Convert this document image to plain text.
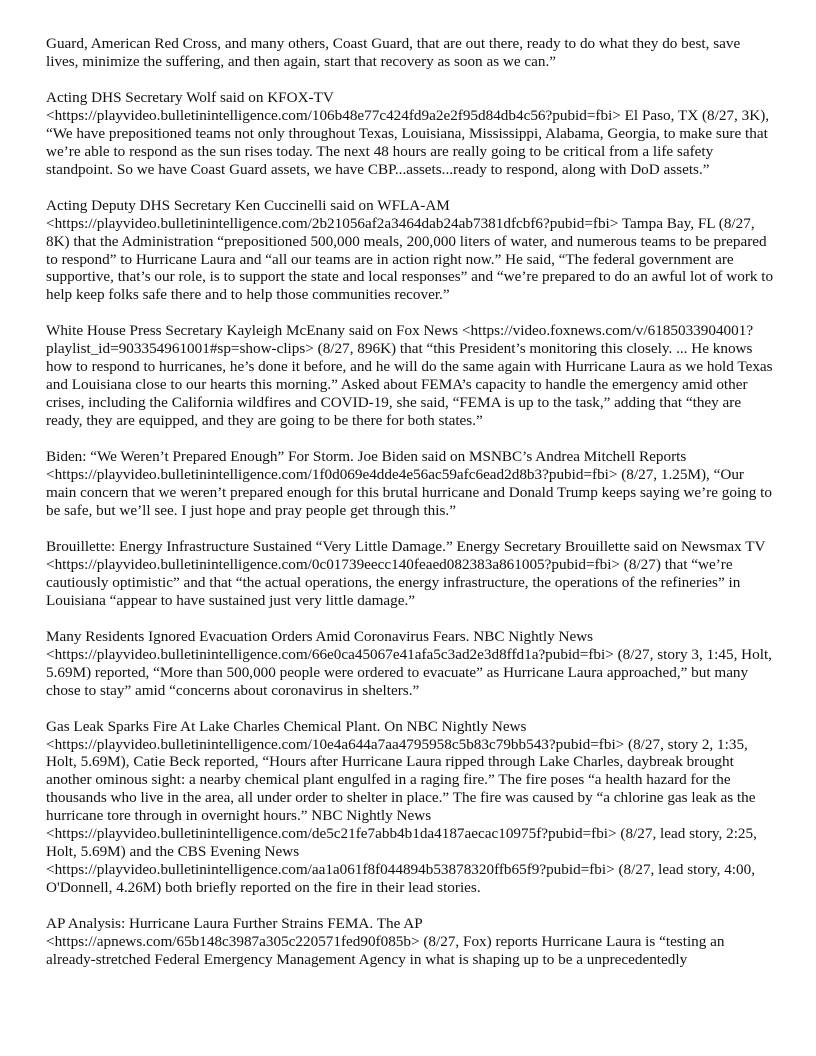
Guard, American Red Cross, and many others, Coast Guard, that are out there, ready to do what they do best, save lives, minimize the suffering, and then again, start that recovery as soon as we can.”

Acting DHS Secretary Wolf said on KFOX-TV <https://playvideo.bulletinintelligence.com/106b48e77c424fd9a2e2f95d84db4c56?pubid=fbi> El Paso, TX (8/27, 3K), “We have prepositioned teams not only throughout Texas, Louisiana, Mississippi, Alabama, Georgia, to make sure that we’re able to respond as the sun rises today. The next 48 hours are really going to be critical from a life safety standpoint. So we have Coast Guard assets, we have CBP...assets...ready to respond, along with DoD assets.”

Acting Deputy DHS Secretary Ken Cuccinelli said on WFLA-AM <https://playvideo.bulletinintelligence.com/2b21056af2a3464dab24ab7381dfcbf6?pubid=fbi> Tampa Bay, FL (8/27, 8K) that the Administration “prepositioned 500,000 meals, 200,000 liters of water, and numerous teams to be prepared to respond” to Hurricane Laura and “all our teams are in action right now.” He said, “The federal government are supportive, that’s our role, is to support the state and local responses” and “we’re prepared to do an awful lot of work to help keep folks safe there and to help those communities recover.”

White House Press Secretary Kayleigh McEnany said on Fox News <https://video.foxnews.com/v/6185033904001?playlist_id=903354961001#sp=show-clips> (8/27, 896K) that “this President’s monitoring this closely. ... He knows how to respond to hurricanes, he’s done it before, and he will do the same again with Hurricane Laura as we hold Texas and Louisiana close to our hearts this morning.” Asked about FEMA’s capacity to handle the emergency amid other crises, including the California wildfires and COVID-19, she said, “FEMA is up to the task,” adding that “they are ready, they are equipped, and they are going to be there for both states.”

Biden: “We Weren’t Prepared Enough” For Storm. Joe Biden said on MSNBC’s Andrea Mitchell Reports <https://playvideo.bulletinintelligence.com/1f0d069e4dde4e56ac59afc6ead2d8b3?pubid=fbi> (8/27, 1.25M), “Our main concern that we weren’t prepared enough for this brutal hurricane and Donald Trump keeps saying we’re going to be safe, but we’ll see. I just hope and pray people get through this.”

Brouillette: Energy Infrastructure Sustained “Very Little Damage.” Energy Secretary Brouillette said on Newsmax TV <https://playvideo.bulletinintelligence.com/0c01739eecc140feaed082383a861005?pubid=fbi> (8/27) that “we’re cautiously optimistic” and that “the actual operations, the energy infrastructure, the operations of the refineries” in Louisiana “appear to have sustained just very little damage.”

Many Residents Ignored Evacuation Orders Amid Coronavirus Fears. NBC Nightly News <https://playvideo.bulletinintelligence.com/66e0ca45067e41afa5c3ad2e3d8ffd1a?pubid=fbi> (8/27, story 3, 1:45, Holt, 5.69M) reported, “More than 500,000 people were ordered to evacuate” as Hurricane Laura approached,” but many chose to stay” amid “concerns about coronavirus in shelters.”

Gas Leak Sparks Fire At Lake Charles Chemical Plant. On NBC Nightly News <https://playvideo.bulletinintelligence.com/10e4a644a7aa4795958c5b83c79bb543?pubid=fbi> (8/27, story 2, 1:35, Holt, 5.69M), Catie Beck reported, “Hours after Hurricane Laura ripped through Lake Charles, daybreak brought another ominous sight: a nearby chemical plant engulfed in a raging fire.” The fire poses “a health hazard for the thousands who live in the area, all under order to shelter in place.” The fire was caused by “a chlorine gas leak as the hurricane tore through in overnight hours.” NBC Nightly News <https://playvideo.bulletinintelligence.com/de5c21fe7abb4b1da4187aecac10975f?pubid=fbi> (8/27, lead story, 2:25, Holt, 5.69M) and the CBS Evening News <https://playvideo.bulletinintelligence.com/aa1a061f8f044894b53878320ffb65f9?pubid=fbi> (8/27, lead story, 4:00, O'Donnell, 4.26M) both briefly reported on the fire in their lead stories.

AP Analysis: Hurricane Laura Further Strains FEMA. The AP <https://apnews.com/65b148c3987a305c220571fed90f085b> (8/27, Fox) reports Hurricane Laura is “testing an already-stretched Federal Emergency Management Agency in what is shaping up to be a unprecedentedly
